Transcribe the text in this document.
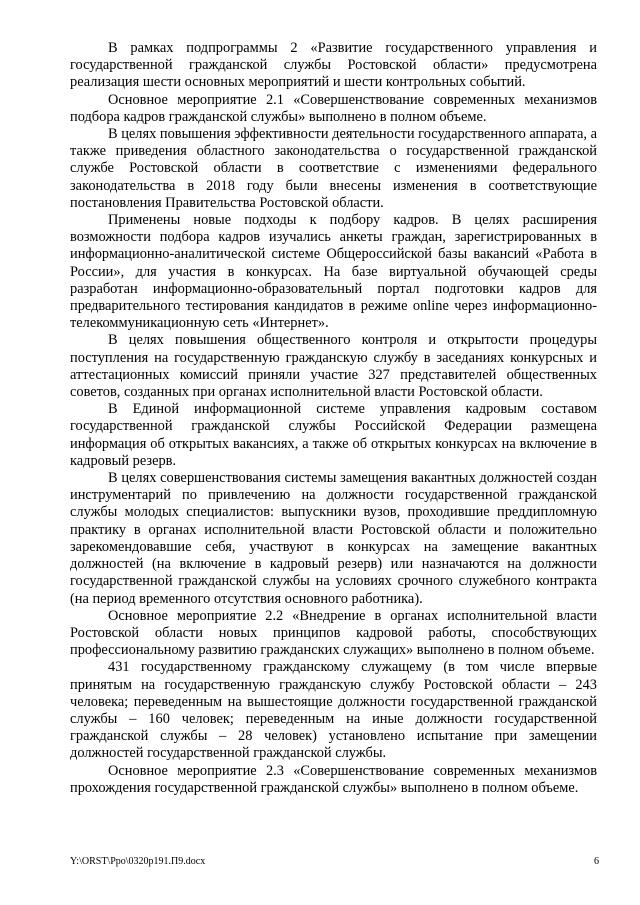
В рамках подпрограммы 2 «Развитие государственного управления и государственной гражданской службы Ростовской области» предусмотрена реализация шести основных мероприятий и шести контрольных событий.

Основное мероприятие 2.1 «Совершенствование современных механизмов подбора кадров гражданской службы» выполнено в полном объеме.

В целях повышения эффективности деятельности государственного аппарата, а также приведения областного законодательства о государственной гражданской службе Ростовской области в соответствие с изменениями федерального законодательства в 2018 году были внесены изменения в соответствующие постановления Правительства Ростовской области.

Применены новые подходы к подбору кадров. В целях расширения возможности подбора кадров изучались анкеты граждан, зарегистрированных в информационно-аналитической системе Общероссийской базы вакансий «Работа в России», для участия в конкурсах. На базе виртуальной обучающей среды разработан информационно-образовательный портал подготовки кадров для предварительного тестирования кандидатов в режиме online через информационно-телекоммуникационную сеть «Интернет».

В целях повышения общественного контроля и открытости процедуры поступления на государственную гражданскую службу в заседаниях конкурсных и аттестационных комиссий приняли участие 327 представителей общественных советов, созданных при органах исполнительной власти Ростовской области.

В Единой информационной системе управления кадровым составом государственной гражданской службы Российской Федерации размещена информация об открытых вакансиях, а также об открытых конкурсах на включение в кадровый резерв.

В целях совершенствования системы замещения вакантных должностей создан инструментарий по привлечению на должности государственной гражданской службы молодых специалистов: выпускники вузов, проходившие преддипломную практику в органах исполнительной власти Ростовской области и положительно зарекомендовавшие себя, участвуют в конкурсах на замещение вакантных должностей (на включение в кадровый резерв) или назначаются на должности государственной гражданской службы на условиях срочного служебного контракта (на период временного отсутствия основного работника).

Основное мероприятие 2.2 «Внедрение в органах исполнительной власти Ростовской области новых принципов кадровой работы, способствующих профессиональному развитию гражданских служащих» выполнено в полном объеме.

431 государственному гражданскому служащему (в том числе впервые принятым на государственную гражданскую службу Ростовской области – 243 человека; переведенным на вышестоящие должности государственной гражданской службы – 160 человек; переведенным на иные должности государственной гражданской службы – 28 человек) установлено испытание при замещении должностей государственной гражданской службы.

Основное мероприятие 2.3 «Совершенствование современных механизмов прохождения государственной гражданской службы» выполнено в полном объеме.

Y:\ORST\Ppo\0320p191.П9.docx	6
